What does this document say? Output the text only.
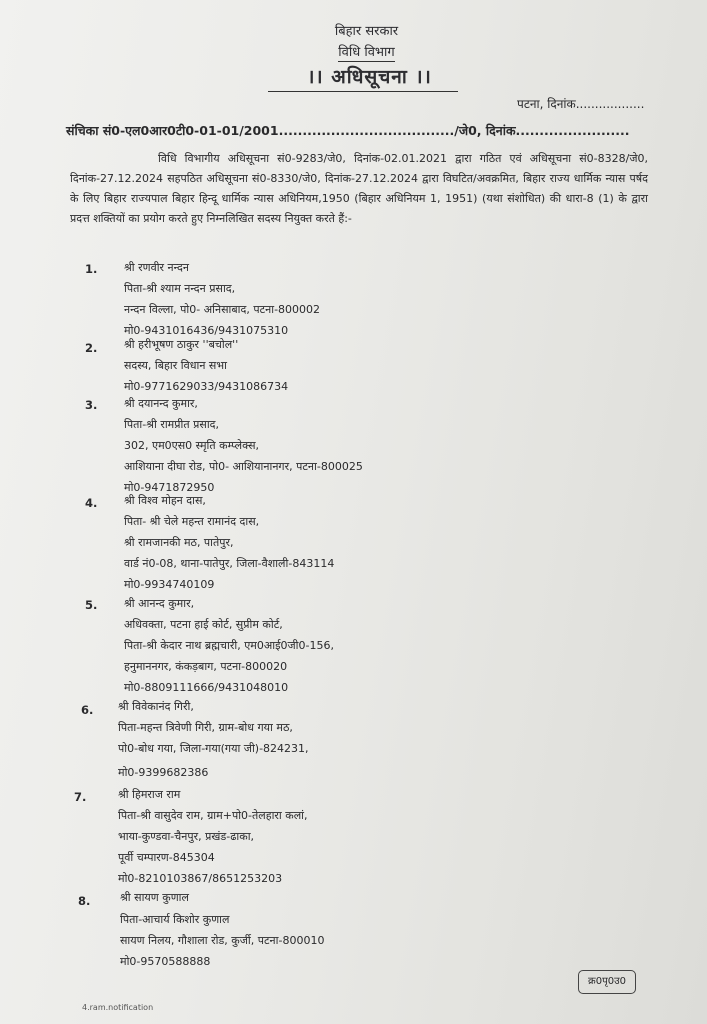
बिहार सरकार
विधि विभाग
।। अधिसूचना ।।
पटना, दिनांक..................
संचिका सं0-एल0आर0टी0-01-01/2001...................................../जे0, दिनांक........................
विधि विभागीय अधिसूचना सं0-9283/जे0, दिनांक-02.01.2021 द्वारा गठित एवं अधिसूचना सं0-8328/जे0, दिनांक-27.12.2024 सहपठित अधिसूचना सं0-8330/जे0, दिनांक-27.12.2024 द्वारा विघटित/अवक्रमित, बिहार राज्य धार्मिक न्यास पर्षद के लिए बिहार राज्यपाल बिहार हिन्दू धार्मिक न्यास अधिनियम,1950 (बिहार अधिनियम 1, 1951) (यथा संशोधित) की धारा-8 (1) के द्वारा प्रदत्त शक्तियों का प्रयोग करते हुए निम्नलिखित सदस्य नियुक्त करते हैं:-
1. श्री रणवीर नन्दन
पिता-श्री श्याम नन्दन प्रसाद,
नन्दन विल्ला, पो0- अनिसाबाद, पटना-800002
मो0-9431016436/9431075310
2. श्री हरीभूषण ठाकुर ''बचोल''
सदस्य, बिहार विधान सभा
मो0-9771629033/9431086734
3. श्री दयानन्द कुमार,
पिता-श्री रामप्रीत प्रसाद,
302, एम0एस0 स्मृति कम्प्लेक्स,
आशियाना दीघा रोड, पो0- आशियानानगर, पटना-800025
मो0-9471872950
4. श्री विश्व मोहन दास,
पिता- श्री चेले महन्त रामानंद दास,
श्री रामजानकी मठ, पातेपुर,
वार्ड नं0-08, थाना-पातेपुर, जिला-वैशाली-843114
मो0-9934740109
5. श्री आनन्द कुमार,
अधिवक्ता, पटना हाई कोर्ट, सुप्रीम कोर्ट,
पिता-श्री केदार नाथ ब्रह्मचारी, एम0आई0जी0-156,
हनुमाननगर, कंकड़बाग, पटना-800020
मो0-8809111666/9431048010
6. श्री विवेकानंद गिरी,
पिता-महन्त त्रिवेणी गिरी, ग्राम-बोध गया मठ,
पो0-बोध गया, जिला-गया(गया जी)-824231,
मो0-9399682386
7.	श्री हिमराज राम
पिता-श्री वासुदेव राम, ग्राम+पो0-तेलहारा कलां,
भाया-कुण्डवा-चैनपुर, प्रखंड-ढाका,
पूर्वी चम्पारण-845304
मो0-8210103867/8651253203
8.	श्री सायण कुणाल
पिता-आचार्य किशोर कुणाल
सायण निलय, गौशाला रोड, कुर्जी, पटना-800010
मो0-9570588888
क्र0पृ0उ0
4.ram.notification
